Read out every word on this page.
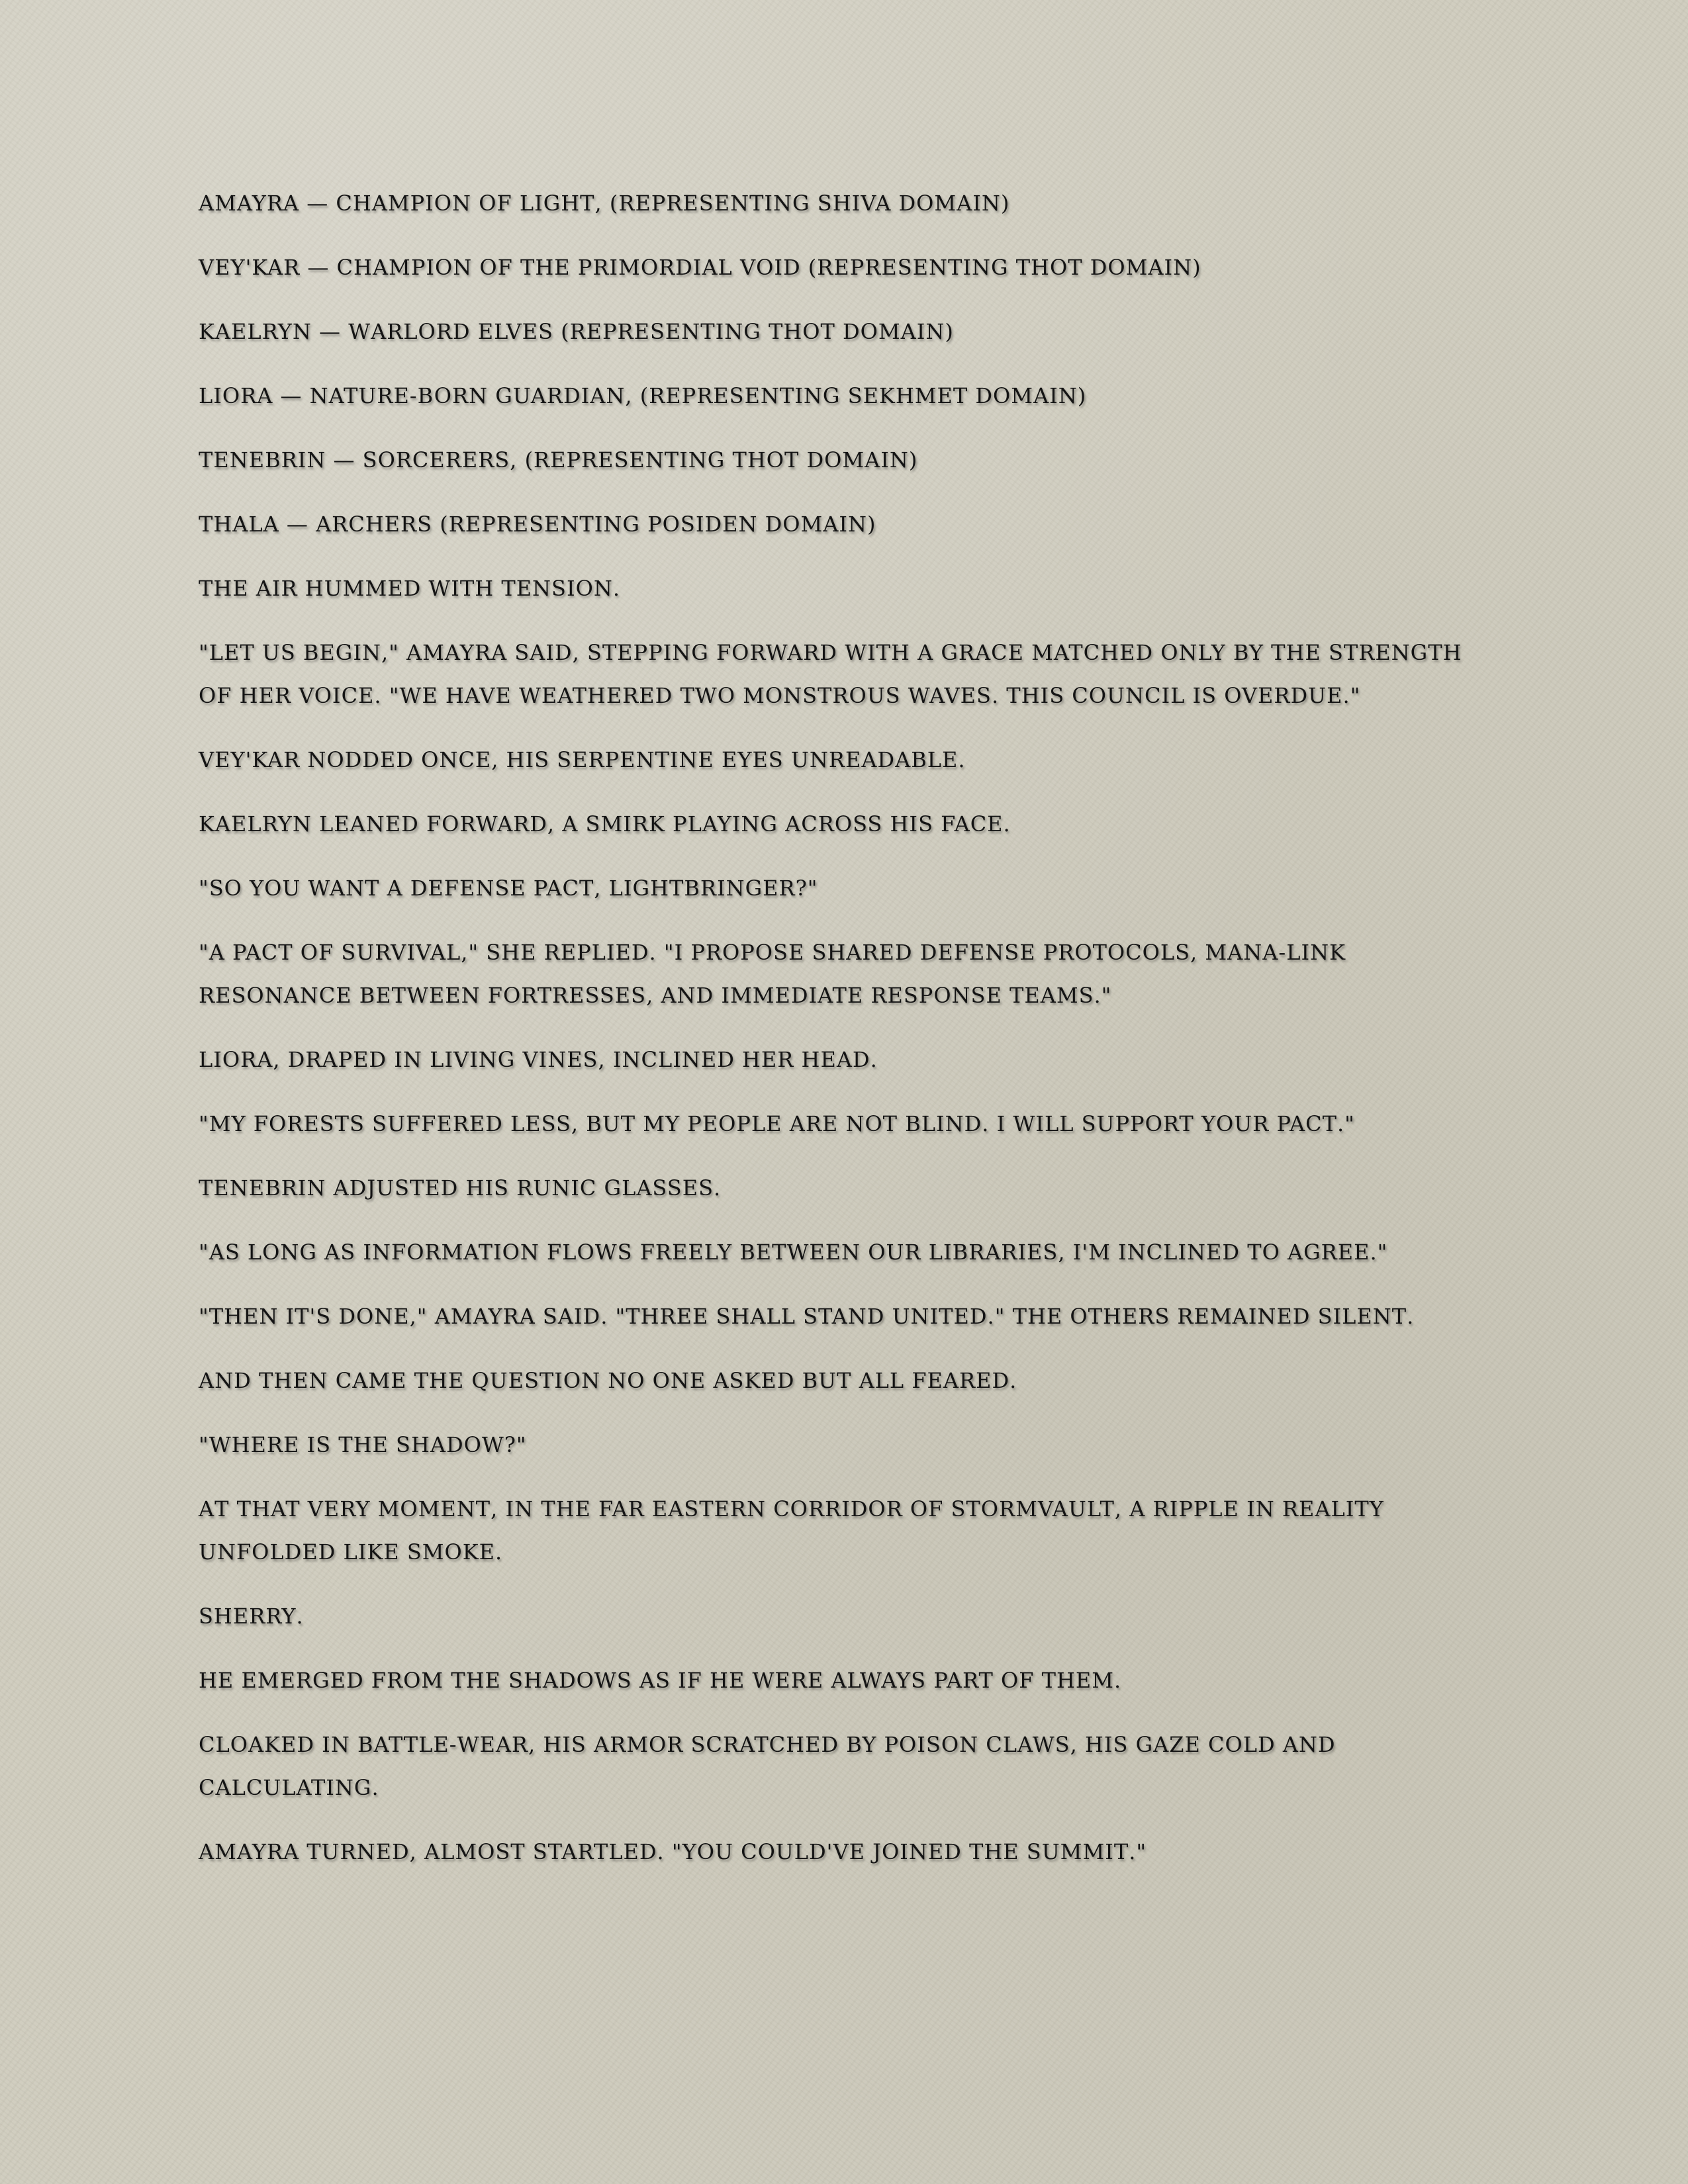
Amayra — Champion of Light, (Representing Shiva domain)

Vey'kar — Champion of the Primordial Void (Representing Thot domain)

Kaelryn — Warlord elves (Representing Thot domain)

Liora — Nature-born guardian, (Representing Sekhmet domain)

Tenebrin — Sorcerers, (Representing Thot domain)

Thala — Archers (Representing Posiden domain)

The air hummed with tension.

"Let us begin," Amayra said, stepping forward with a grace matched only by the strength of her voice. "We have weathered two monstrous waves. This council is overdue."

Vey'kar nodded once, his serpentine eyes unreadable.

Kaelryn leaned forward, a smirk playing across his face.

"So you want a defense pact, Lightbringer?"

"A pact of survival," she replied. "I propose shared defense protocols, mana-link resonance between fortresses, and immediate response teams."

Liora, draped in living vines, inclined her head.

"My forests suffered less, but my people are not blind. I will support your pact."

Tenebrin adjusted his runic glasses.

"As long as information flows freely between our libraries, I'm inclined to agree."

"Then it's done," Amayra said. "Three shall stand united." The others remained silent.

And then came the question no one asked but all feared.

"Where is the Shadow?"

At that very moment, in the far eastern corridor of Stormvault, a ripple in reality unfolded like smoke.

Sherry.

He emerged from the shadows as if he were always part of them.

Cloaked in battle-wear, his armor scratched by poison claws, his gaze cold and calculating.

Amayra turned, almost startled. "You could've joined the summit."
